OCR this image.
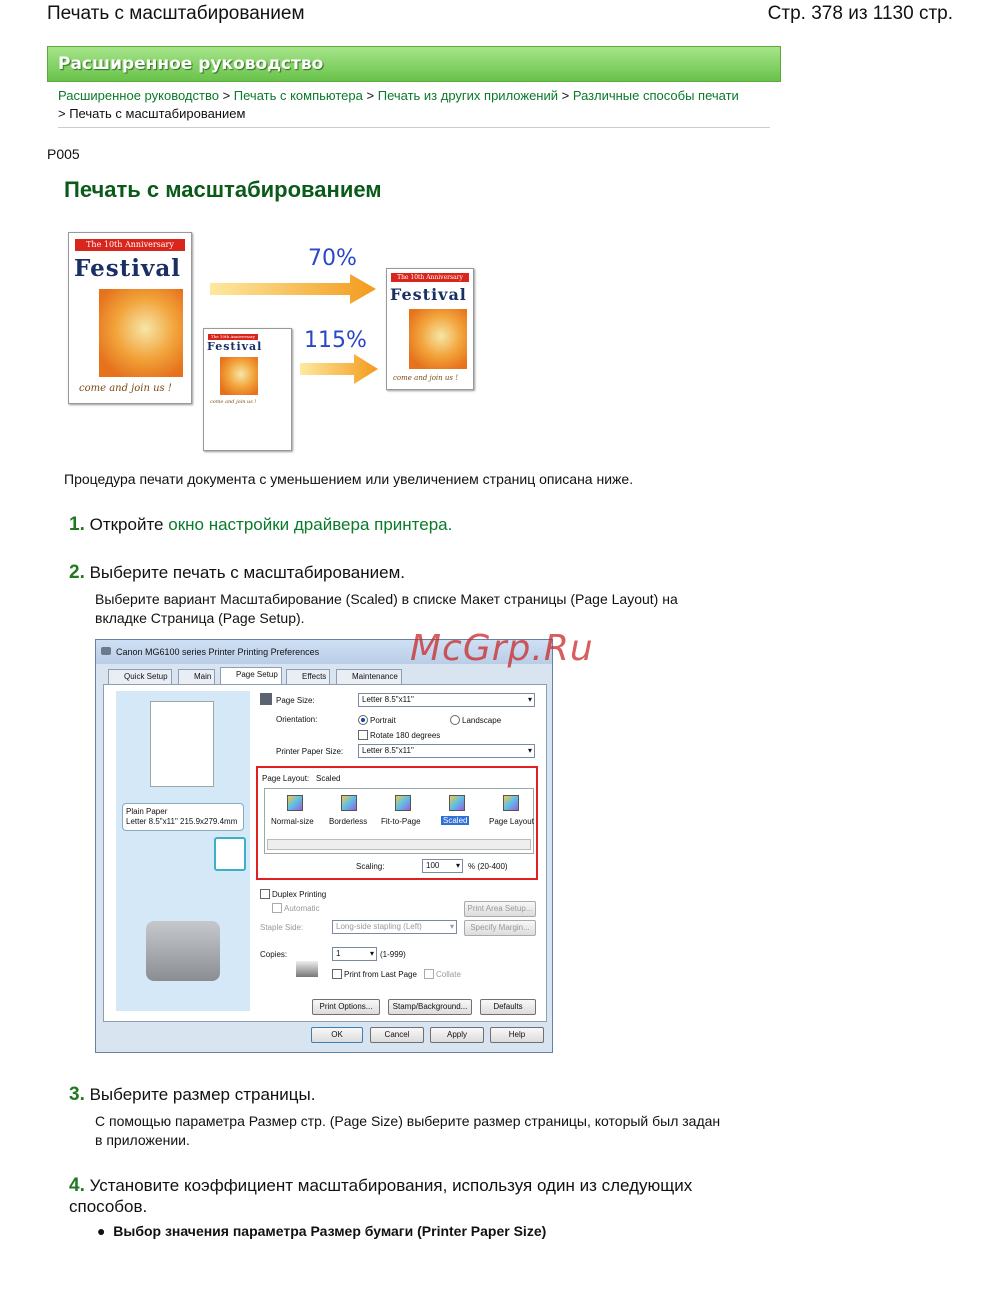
Печать с масштабированием	Стр. 378 из 1130 стр.
Расширенное руководство
Расширенное руководство > Печать с компьютера > Печать из других приложений > Различные способы печати
> Печать с масштабированием
P005
Печать с масштабированием
The 10th Anniversary
Festival
come and join us !
The 10th Anniversary
Festival
come and join us !
70%
115%
The 10th Anniversary
Festival
come and join us !
Процедура печати документа с уменьшением или увеличением страниц описана ниже.
1. Откройте окно настройки драйвера принтера.
2. Выберите печать с масштабированием.
Выберите вариант Масштабирование (Scaled) в списке Макет страницы (Page Layout) на вкладке Страница (Page Setup).
Canon MG6100 series Printer Printing Preferences
Quick Setup	Main	Page Setup	Effects	Maintenance
Plain Paper
Letter 8.5"x11" 215.9x279.4mm
Page Size:	Letter 8.5"x11" ▾
Orientation:	Portrait	Landscape
Rotate 180 degrees
Printer Paper Size:	Letter 8.5"x11" ▾
Page Layout: Scaled
Normal-size Borderless Fit-to-Page	Scaled	Page Layout
Scaling:	100 ▾	% (20-400)
Duplex Printing
Automatic	Print Area Setup...
Staple Side:	Long-side stapling (Left) ▾	Specify Margin...
Copies:	1 ▾	(1-999)
Print from Last Page Collate
Print Options...	Stamp/Background...	Defaults
OK	Cancel	Apply	Help
McGrp.Ru
3. Выберите размер страницы.
С помощью параметра Размер стр. (Page Size) выберите размер страницы, который был задан в приложении.
4. Установите коэффициент масштабирования, используя один из следующих способов.
●  Выбор значения параметра Размер бумаги (Printer Paper Size)
